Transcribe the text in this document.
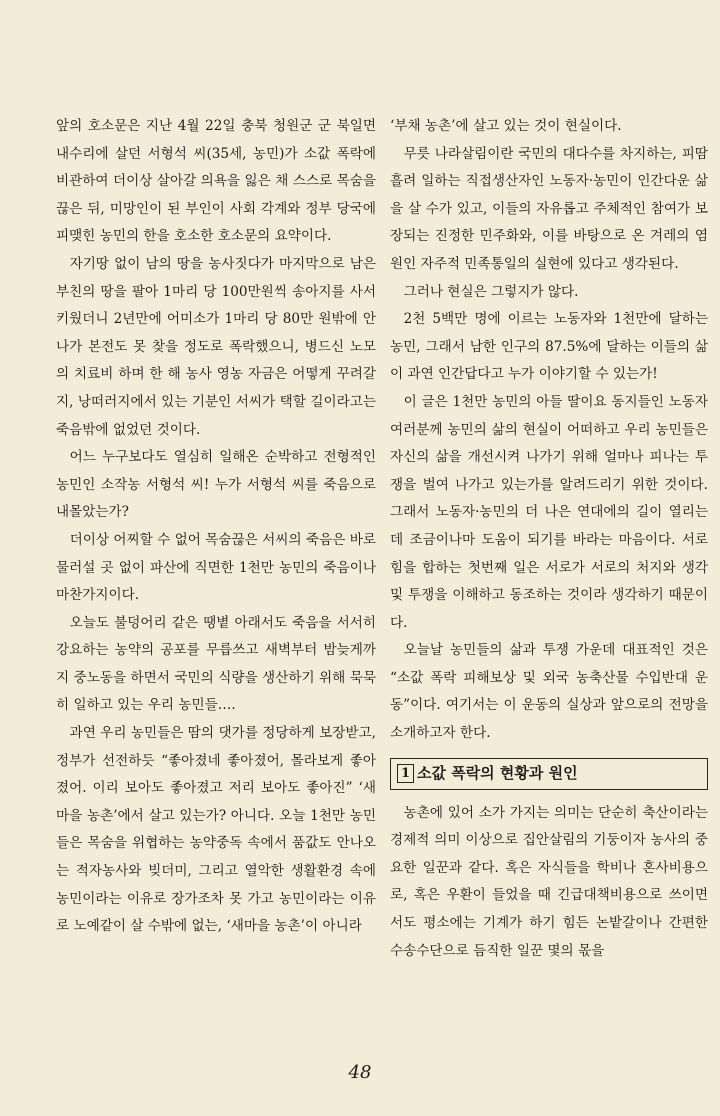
앞의 호소문은 지난 4월 22일 충북 청원군 군 북일면 내수리에 살던 서형석 씨(35세, 농민)가 소값 폭락에 비관하여 더이상 살아갈 의욕을 잃은 채 스스로 목숨을 끊은 뒤, 미망인이 된 부인이 사회 각계와 정부 당국에 피맺힌 농민의 한을 호소한 호소문의 요약이다.

자기땅 없이 남의 땅을 농사짓다가 마지막으로 남은 부친의 땅을 팔아 1마리 당 100만원씩 송아지를 사서 키웠더니 2년만에 어미소가 1마리 당 80만 원밖에 안 나가 본전도 못 찾을 정도로 폭락했으니, 병드신 노모의 치료비 하며 한 해 농사 영농 자금은 어떻게 꾸려갈지, 낭떠러지에서 있는 기분인 서씨가 택할 길이라고는 죽음밖에 없었던 것이다.

어느 누구보다도 열심히 일해온 순박하고 전형적인 농민인 소작농 서형석 씨! 누가 서형석 씨를 죽음으로 내몰았는가?

더이상 어찌할 수 없어 목숨끊은 서씨의 죽음은 바로 물러설 곳 없이 파산에 직면한 1천만 농민의 죽음이나 마찬가지이다.

오늘도 불덩어리 같은 땡볕 아래서도 죽음을 서서히 강요하는 농약의 공포를 무릅쓰고 새벽부터 밤늦게까지 중노동을 하면서 국민의 식량을 생산하기 위해 묵묵히 일하고 있는 우리 농민들….

과연 우리 농민들은 땀의 댓가를 정당하게 보장받고, 정부가 선전하듯 “좋아졌네 좋아졌어, 몰라보게 좋아졌어. 이리 보아도 좋아졌고 저리 보아도 좋아진” ‘새마을 농촌’에서 살고 있는가? 아니다. 오늘 1천만 농민들은 목숨을 위협하는 농약중독 속에서 품값도 안나오는 적자농사와 빚더미, 그리고 열악한 생활환경 속에 농민이라는 이유로 장가조차 못 가고 농민이라는 이유로 노예같이 살 수밖에 없는, ‘새마을 농촌’이 아니라

‘부채 농촌’에 살고 있는 것이 현실이다.

무릇 나라살림이란 국민의 대다수를 차지하는, 피땀흘려 일하는 직접생산자인 노동자·농민이 인간다운 삶을 살 수가 있고, 이들의 자유롭고 주체적인 참여가 보장되는 진정한 민주화와, 이를 바탕으로 온 겨레의 염원인 자주적 민족통일의 실현에 있다고 생각된다.

그러나 현실은 그렇지가 않다.

2천 5백만 명에 이르는 노동자와 1천만에 달하는 농민, 그래서 남한 인구의 87.5%에 달하는 이들의 삶이 과연 인간답다고 누가 이야기할 수 있는가!

이 글은 1천만 농민의 아들 딸이요 동지들인 노동자 여러분께 농민의 삶의 현실이 어떠하고 우리 농민들은 자신의 삶을 개선시켜 나가기 위해 얼마나 피나는 투쟁을 벌여 나가고 있는가를 알려드리기 위한 것이다. 그래서 노동자·농민의 더 나은 연대에의 길이 열리는 데 조금이나마 도움이 되기를 바라는 마음이다. 서로 힘을 합하는 첫번째 일은 서로가 서로의 처지와 생각 및 투쟁을 이해하고 동조하는 것이라 생각하기 때문이다.

오늘날 농민들의 삶과 투쟁 가운데 대표적인 것은 “소값 폭락 피해보상 및 외국 농축산물 수입반대 운동”이다. 여기서는 이 운동의 실상과 앞으로의 전망을 소개하고자 한다.

1 소값 폭락의 현황과 원인

농촌에 있어 소가 가지는 의미는 단순히 축산이라는 경제적 의미 이상으로 집안살림의 기둥이자 농사의 중요한 일꾼과 같다. 혹은 자식들을 학비나 혼사비용으로, 혹은 우환이 들었을 때 긴급대책비용으로 쓰이면서도 평소에는 기계가 하기 힘든 논밭갈이나 간편한 수송수단으로 듬직한 일꾼 몇의 몫을

48
